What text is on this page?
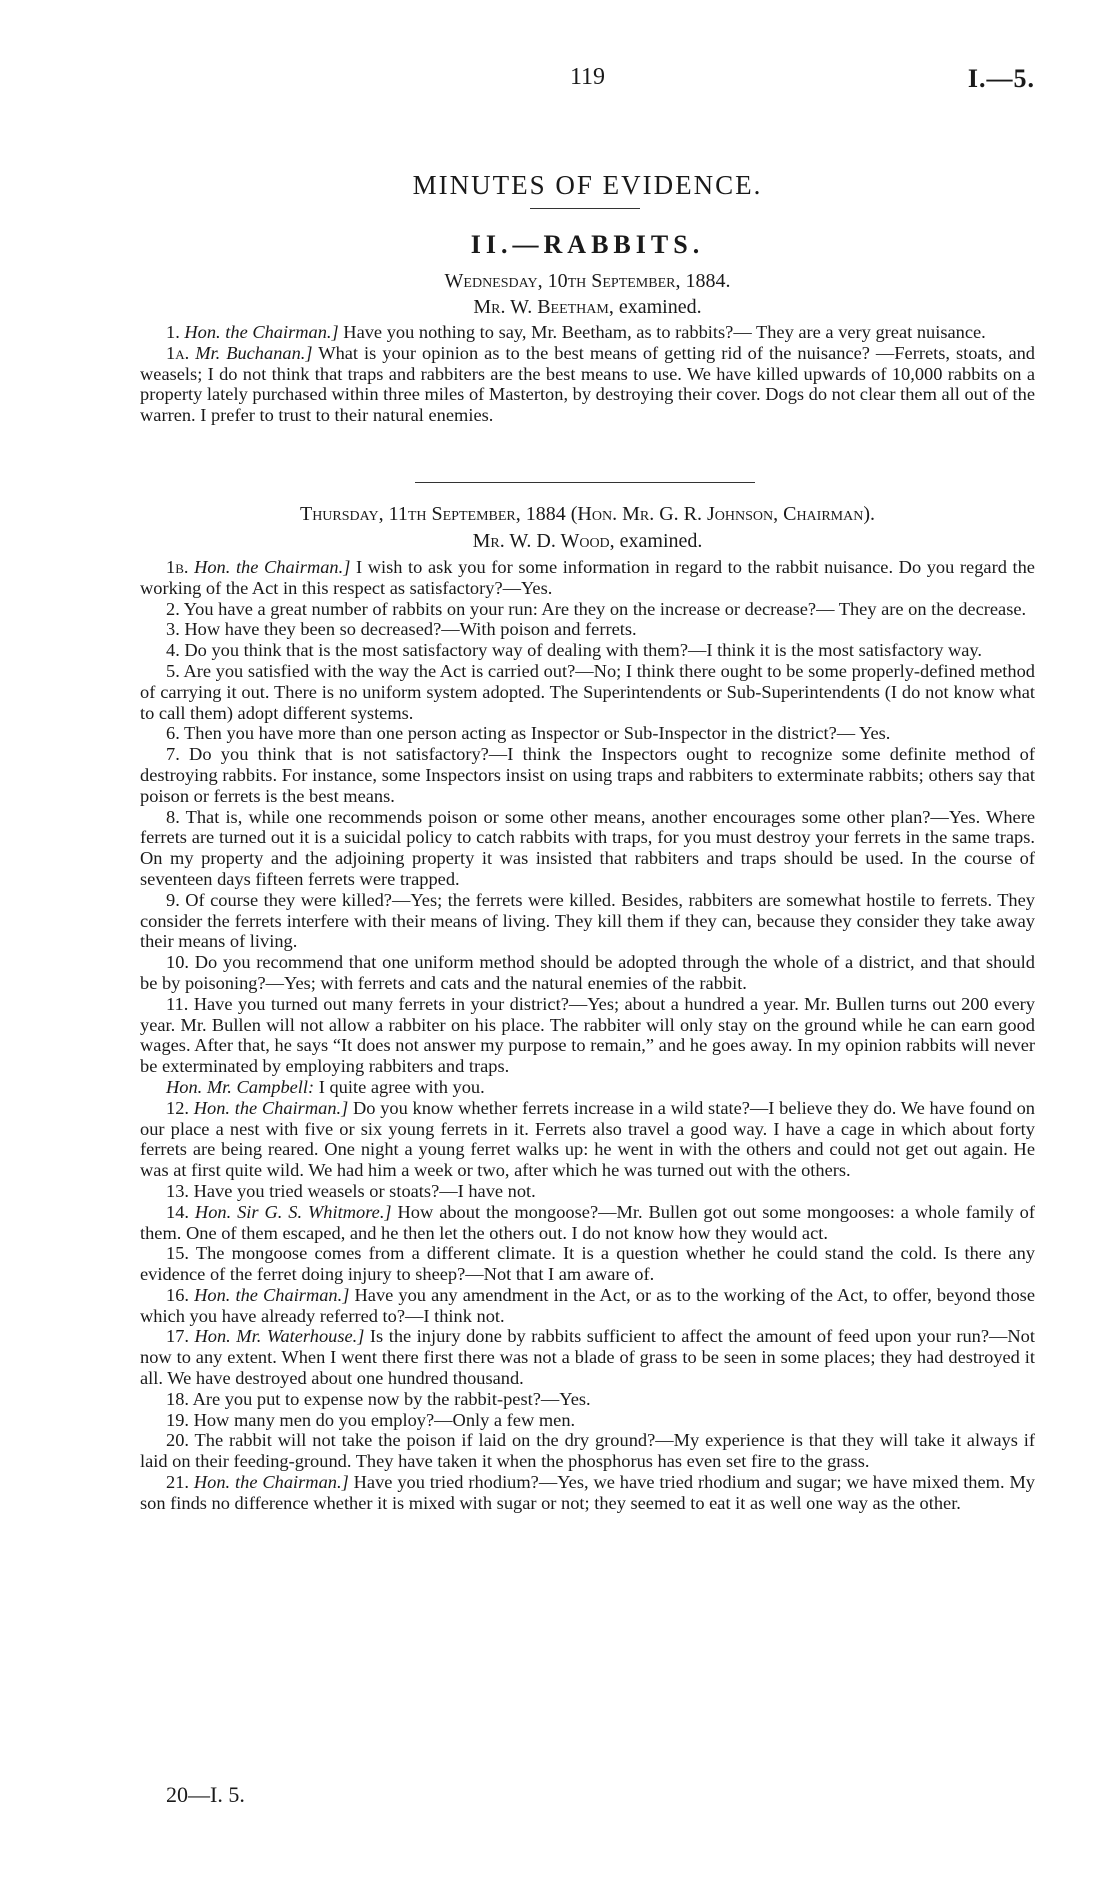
119	I.—5.
MINUTES OF EVIDENCE.
II.—RABBITS.
Wednesday, 10th September, 1884.
Mr. W. Beetham, examined.

1. Hon. the Chairman.] Have you nothing to say, Mr. Beetham, as to rabbits?— They are a very great nuisance.

1a. Mr. Buchanan.] What is your opinion as to the best means of getting rid of the nuisance? —Ferrets, stoats, and weasels; I do not think that traps and rabbiters are the best means to use. We have killed upwards of 10,000 rabbits on a property lately purchased within three miles of Masterton, by destroying their cover. Dogs do not clear them all out of the warren. I prefer to trust to their natural enemies.

Thursday, 11th September, 1884 (Hon. Mr. G. R. Johnson, Chairman).
Mr. W. D. Wood, examined.

1b. Hon. the Chairman.] I wish to ask you for some information in regard to the rabbit nuisance. Do you regard the working of the Act in this respect as satisfactory?—Yes.

2. You have a great number of rabbits on your run: Are they on the increase or decrease?— They are on the decrease.

3. How have they been so decreased?—With poison and ferrets.

4. Do you think that is the most satisfactory way of dealing with them?—I think it is the most satisfactory way.

5. Are you satisfied with the way the Act is carried out?—No; I think there ought to be some properly-defined method of carrying it out. There is no uniform system adopted. The Superintendents or Sub-Superintendents (I do not know what to call them) adopt different systems.

6. Then you have more than one person acting as Inspector or Sub-Inspector in the district?— Yes.

7. Do you think that is not satisfactory?—I think the Inspectors ought to recognize some definite method of destroying rabbits. For instance, some Inspectors insist on using traps and rabbiters to exterminate rabbits; others say that poison or ferrets is the best means.

8. That is, while one recommends poison or some other means, another encourages some other plan?—Yes. Where ferrets are turned out it is a suicidal policy to catch rabbits with traps, for you must destroy your ferrets in the same traps. On my property and the adjoining property it was insisted that rabbiters and traps should be used. In the course of seventeen days fifteen ferrets were trapped.

9. Of course they were killed?—Yes; the ferrets were killed. Besides, rabbiters are somewhat hostile to ferrets. They consider the ferrets interfere with their means of living. They kill them if they can, because they consider they take away their means of living.

10. Do you recommend that one uniform method should be adopted through the whole of a district, and that should be by poisoning?—Yes; with ferrets and cats and the natural enemies of the rabbit.

11. Have you turned out many ferrets in your district?—Yes; about a hundred a year. Mr. Bullen turns out 200 every year. Mr. Bullen will not allow a rabbiter on his place. The rabbiter will only stay on the ground while he can earn good wages. After that, he says “It does not answer my purpose to remain,” and he goes away. In my opinion rabbits will never be exterminated by employing rabbiters and traps.

Hon. Mr. Campbell: I quite agree with you.

12. Hon. the Chairman.] Do you know whether ferrets increase in a wild state?—I believe they do. We have found on our place a nest with five or six young ferrets in it. Ferrets also travel a good way. I have a cage in which about forty ferrets are being reared. One night a young ferret walks up: he went in with the others and could not get out again. He was at first quite wild. We had him a week or two, after which he was turned out with the others.

13. Have you tried weasels or stoats?—I have not.

14. Hon. Sir G. S. Whitmore.] How about the mongoose?—Mr. Bullen got out some mongooses: a whole family of them. One of them escaped, and he then let the others out. I do not know how they would act.

15. The mongoose comes from a different climate. It is a question whether he could stand the cold. Is there any evidence of the ferret doing injury to sheep?—Not that I am aware of.

16. Hon. the Chairman.] Have you any amendment in the Act, or as to the working of the Act, to offer, beyond those which you have already referred to?—I think not.

17. Hon. Mr. Waterhouse.] Is the injury done by rabbits sufficient to affect the amount of feed upon your run?—Not now to any extent. When I went there first there was not a blade of grass to be seen in some places; they had destroyed it all. We have destroyed about one hundred thousand.

18. Are you put to expense now by the rabbit-pest?—Yes.

19. How many men do you employ?—Only a few men.

20. The rabbit will not take the poison if laid on the dry ground?—My experience is that they will take it always if laid on their feeding-ground. They have taken it when the phosphorus has even set fire to the grass.

21. Hon. the Chairman.] Have you tried rhodium?—Yes, we have tried rhodium and sugar; we have mixed them. My son finds no difference whether it is mixed with sugar or not; they seemed to eat it as well one way as the other.

20—I. 5.
